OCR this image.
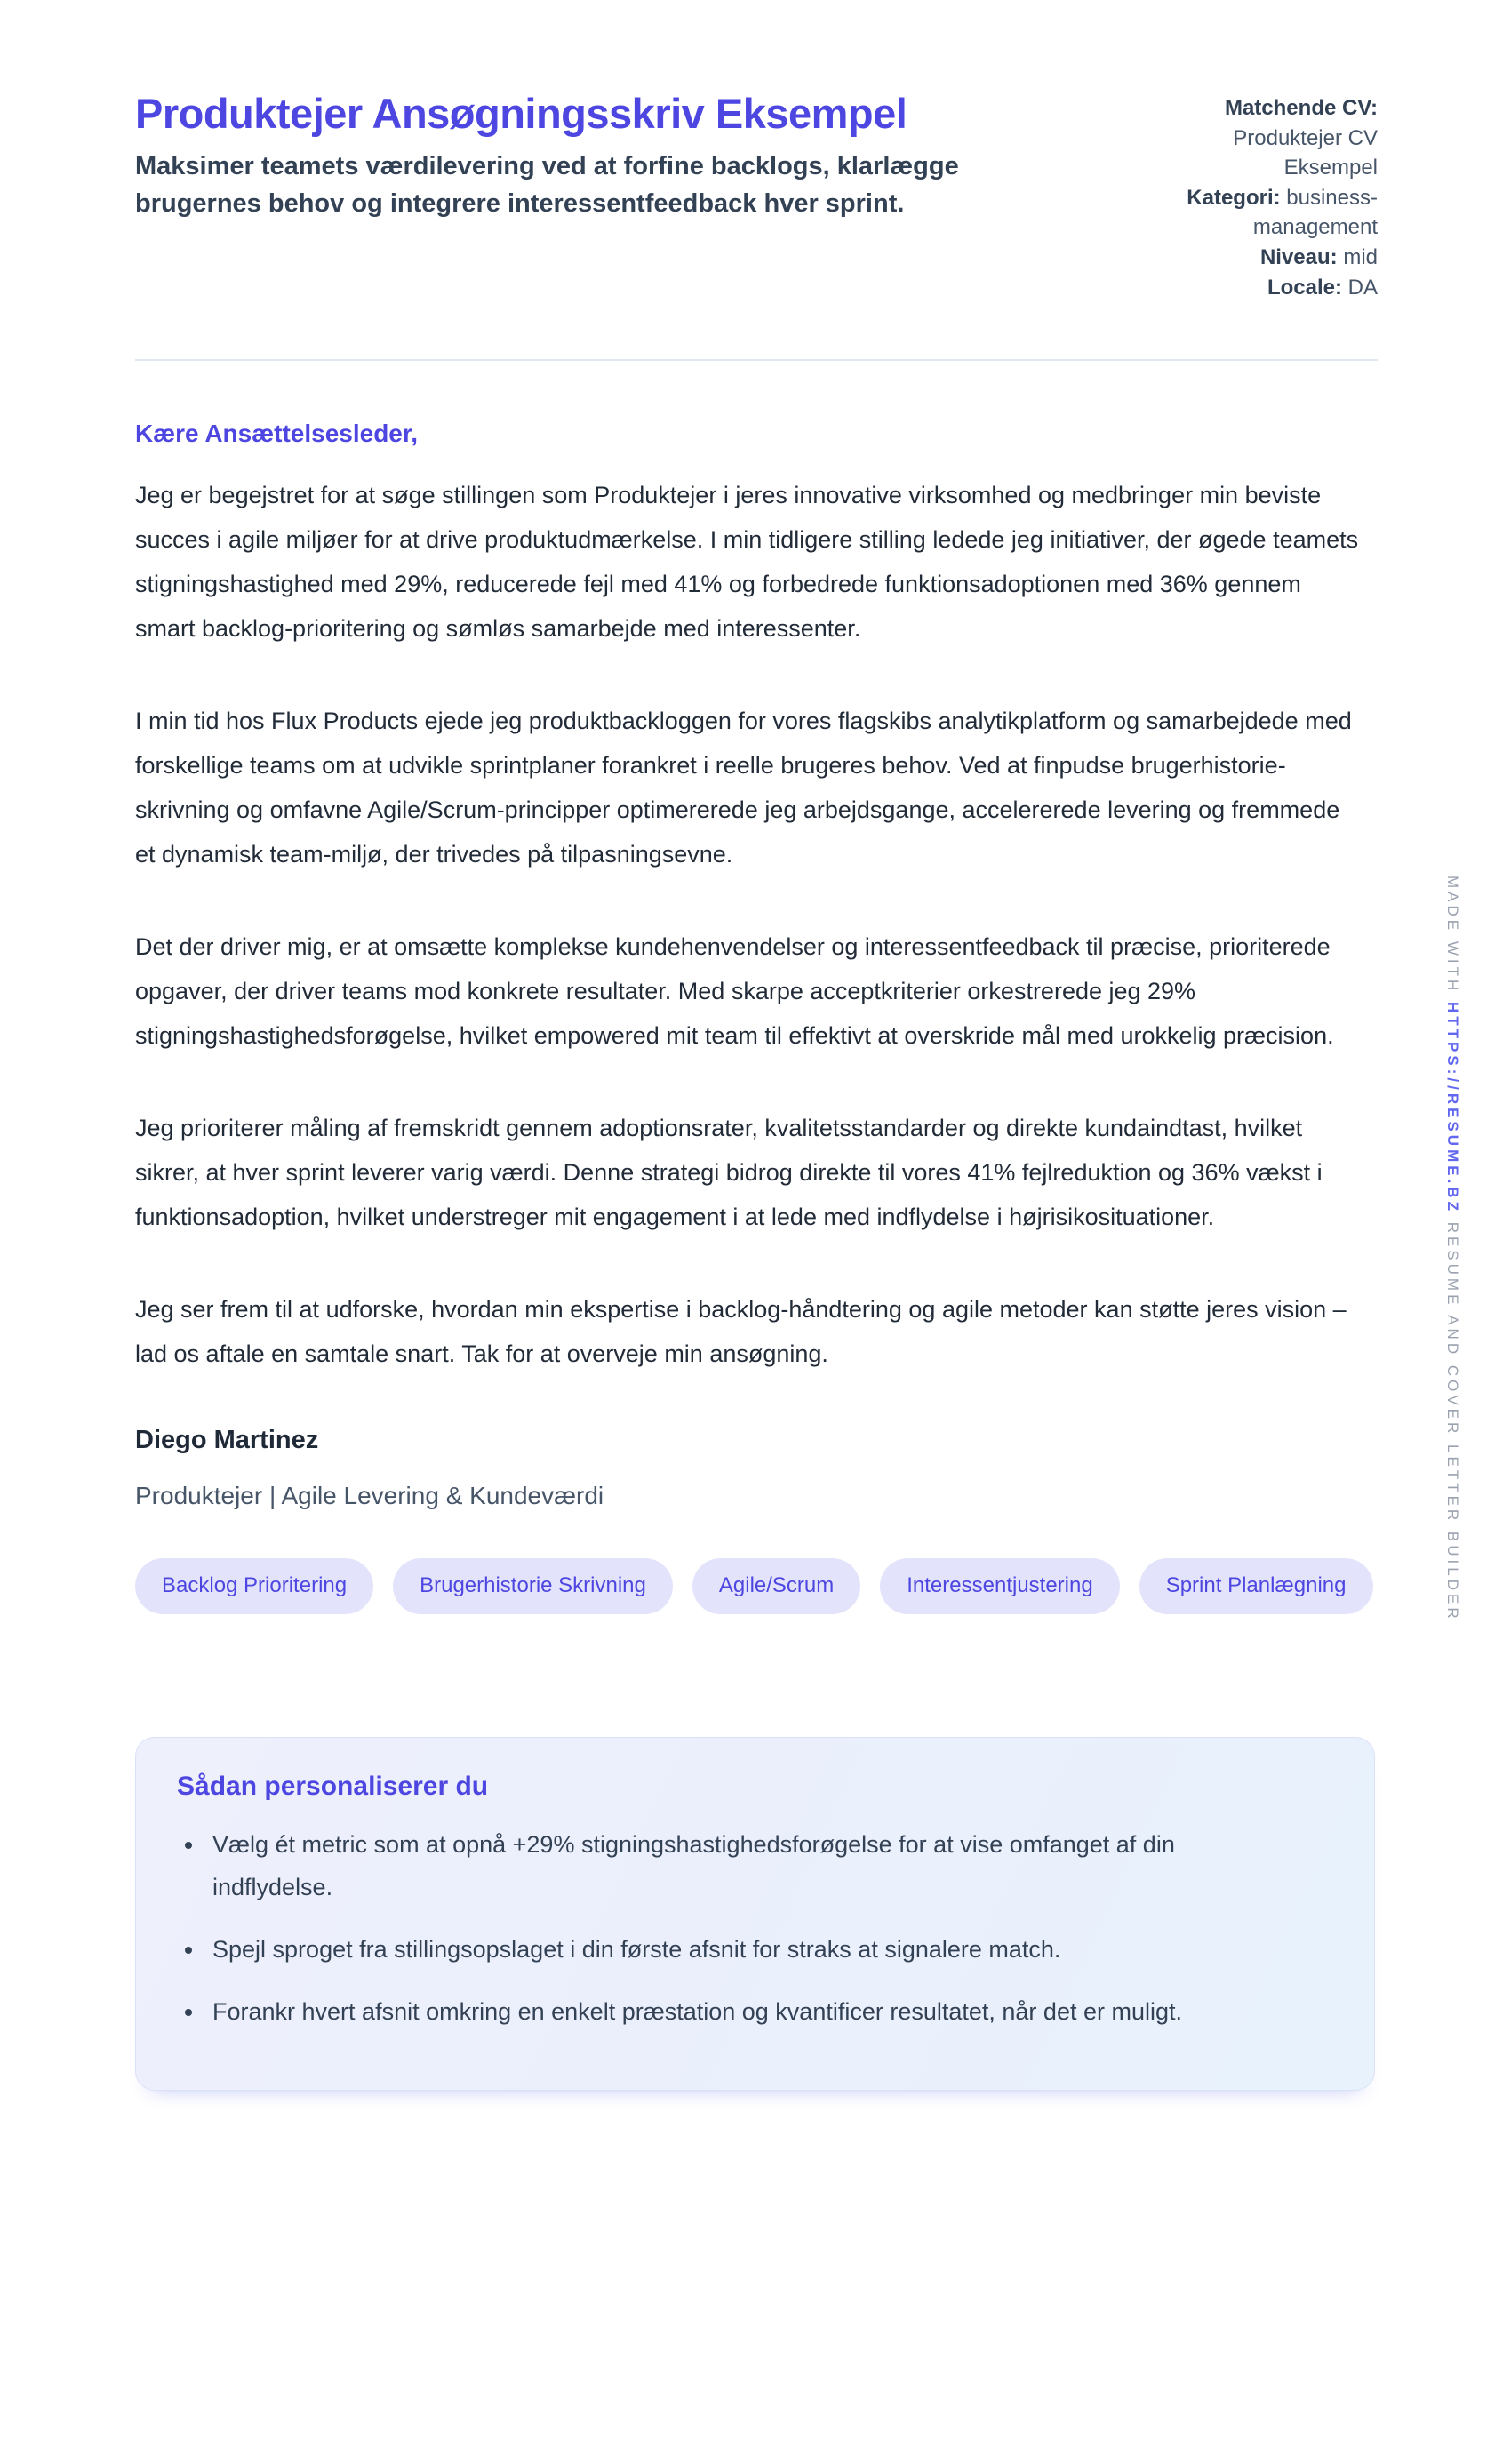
Produktejer Ansøgningsskriv Eksempel

Maksimer teamets værdilevering ved at forfine backlogs, klarlægge brugernes behov og integrere interessentfeedback hver sprint.

Matchende CV: Produktejer CV Eksempel
Kategori: business-management
Niveau: mid
Locale: DA

Kære Ansættelsesleder,

Jeg er begejstret for at søge stillingen som Produktejer i jeres innovative virksomhed og medbringer min beviste succes i agile miljøer for at drive produktudmærkelse. I min tidligere stilling ledede jeg initiativer, der øgede teamets stigningshastighed med 29%, reducerede fejl med 41% og forbedrede funktionsadoptionen med 36% gennem smart backlog-prioritering og sømløs samarbejde med interessenter.

I min tid hos Flux Products ejede jeg produktbackloggen for vores flagskibs analytikplatform og samarbejdede med forskellige teams om at udvikle sprintplaner forankret i reelle brugeres behov. Ved at finpudse brugerhistorie-skrivning og omfavne Agile/Scrum-principper optimererede jeg arbejdsgange, accelererede levering og fremmede et dynamisk team-miljø, der trivedes på tilpasningsevne.

Det der driver mig, er at omsætte komplekse kundehenvendelser og interessentfeedback til præcise, prioriterede opgaver, der driver teams mod konkrete resultater. Med skarpe acceptkriterier orkestrerede jeg 29% stigningshastighedsforøgelse, hvilket empowered mit team til effektivt at overskride mål med urokkelig præcision.

Jeg prioriterer måling af fremskridt gennem adoptionsrater, kvalitetsstandarder og direkte kundaindtast, hvilket sikrer, at hver sprint leverer varig værdi. Denne strategi bidrog direkte til vores 41% fejlreduktion og 36% vækst i funktionsadoption, hvilket understreger mit engagement i at lede med indflydelse i højrisikosituationer.

Jeg ser frem til at udforske, hvordan min ekspertise i backlog-håndtering og agile metoder kan støtte jeres vision – lad os aftale en samtale snart. Tak for at overveje min ansøgning.

Diego Martinez

Produktejer | Agile Levering & Kundeværdi

Backlog Prioritering	Brugerhistorie Skrivning	Agile/Scrum	Interessentjustering	Sprint Planlægning
Sådan personaliserer du
• Vælg ét metric som at opnå +29% stigningshastighedsforøgelse for at vise omfanget af din indflydelse.
• Spejl sproget fra stillingsopslaget i din første afsnit for straks at signalere match.
• Forankr hvert afsnit omkring en enkelt præstation og kvantificer resultatet, når det er muligt.
MADE WITH HTTPS://RESUME.BZ RESUME AND COVER LETTER BUILDER
